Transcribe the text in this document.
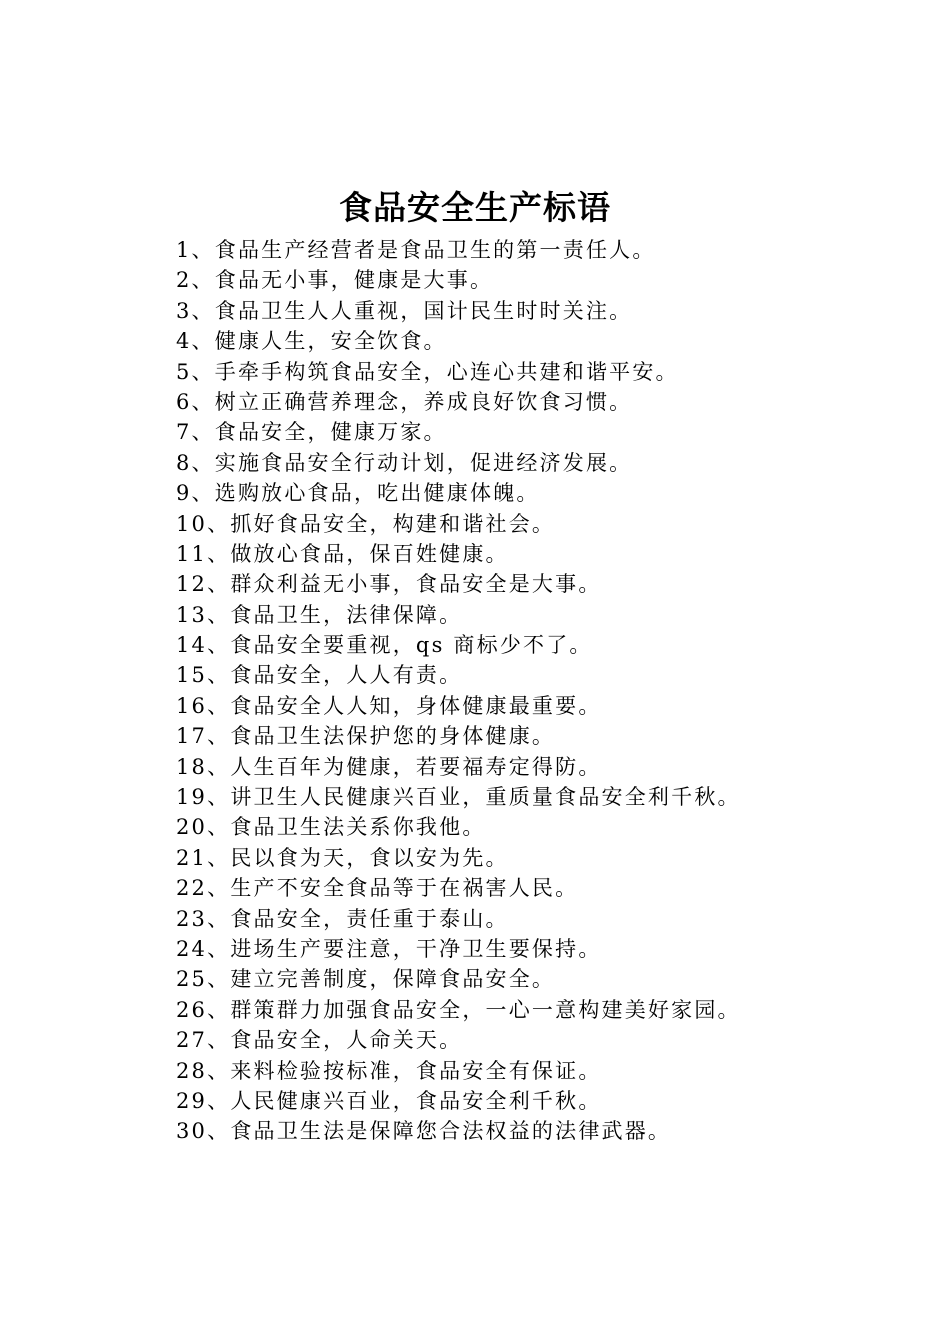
食品安全生产标语
1、食品生产经营者是食品卫生的第一责任人。
2、食品无小事，健康是大事。
3、食品卫生人人重视，国计民生时时关注。
4、健康人生，安全饮食。
5、手牵手构筑食品安全，心连心共建和谐平安。
6、树立正确营养理念，养成良好饮食习惯。
7、食品安全，健康万家。
8、实施食品安全行动计划，促进经济发展。
9、选购放心食品，吃出健康体魄。
10、抓好食品安全，构建和谐社会。
11、做放心食品，保百姓健康。
12、群众利益无小事，食品安全是大事。
13、食品卫生，法律保障。
14、食品安全要重视，qs 商标少不了。
15、食品安全，人人有责。
16、食品安全人人知，身体健康最重要。
17、食品卫生法保护您的身体健康。
18、人生百年为健康，若要福寿定得防。
19、讲卫生人民健康兴百业，重质量食品安全利千秋。
20、食品卫生法关系你我他。
21、民以食为天，食以安为先。
22、生产不安全食品等于在祸害人民。
23、食品安全，责任重于泰山。
24、进场生产要注意，干净卫生要保持。
25、建立完善制度，保障食品安全。
26、群策群力加强食品安全，一心一意构建美好家园。
27、食品安全，人命关天。
28、来料检验按标准，食品安全有保证。
29、人民健康兴百业，食品安全利千秋。
30、食品卫生法是保障您合法权益的法律武器。
